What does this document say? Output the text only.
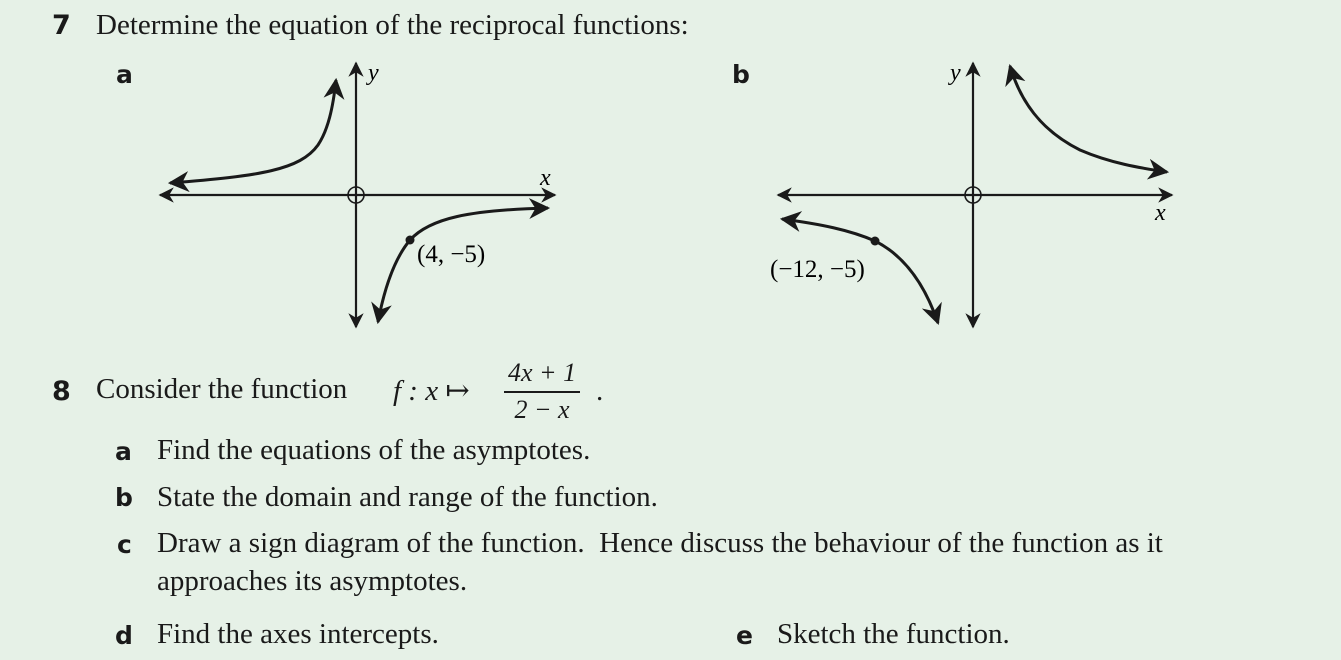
7 Determine the equation of the reciprocal functions:
a	b
x
y
(4, −5)
x
y
(−12, −5)
8 Consider the function f : x ↦ $\frac{4x + 1}{2 - x}$ .
a Find the equations of the asymptotes.
b State the domain and range of the function.
c Draw a sign diagram of the function.  Hence discuss the behaviour of the function as it
approaches its asymptotes.
d Find the axes intercepts.	e Sketch the function.
